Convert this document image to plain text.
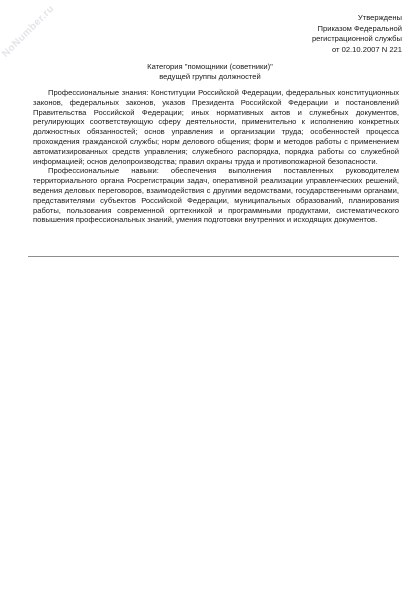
NoNumber.ru	Утверждены
Приказом Федеральной
регистрационной службы
от 02.10.2007 N 221
Категория "помощники (советники)"
ведущей группы должностей

Профессиональные знания: Конституции Российской Федерации, федеральных конституционных законов, федеральных законов, указов Президента Российской Федерации и постановлений Правительства Российской Федерации; иных нормативных актов и служебных документов, регулирующих соответствующую сферу деятельности, применительно к исполнению конкретных должностных обязанностей; основ управления и организации труда; особенностей процесса прохождения гражданской службы; норм делового общения; форм и методов работы с применением автоматизированных средств управления; служебного распорядка, порядка работы со служебной информацией; основ делопроизводства; правил охраны труда и противопожарной безопасности.

Профессиональные навыки: обеспечения выполнения поставленных руководителем территориального органа Росрегистрации задач, оперативной реализации управленческих решений, ведения деловых переговоров, взаимодействия с другими ведомствами, государственными органами, представителями субъектов Российской Федерации, муниципальных образований, планирования работы, пользования современной оргтехникой и программными продуктами, систематического повышения профессиональных знаний, умения подготовки внутренних и исходящих документов.
